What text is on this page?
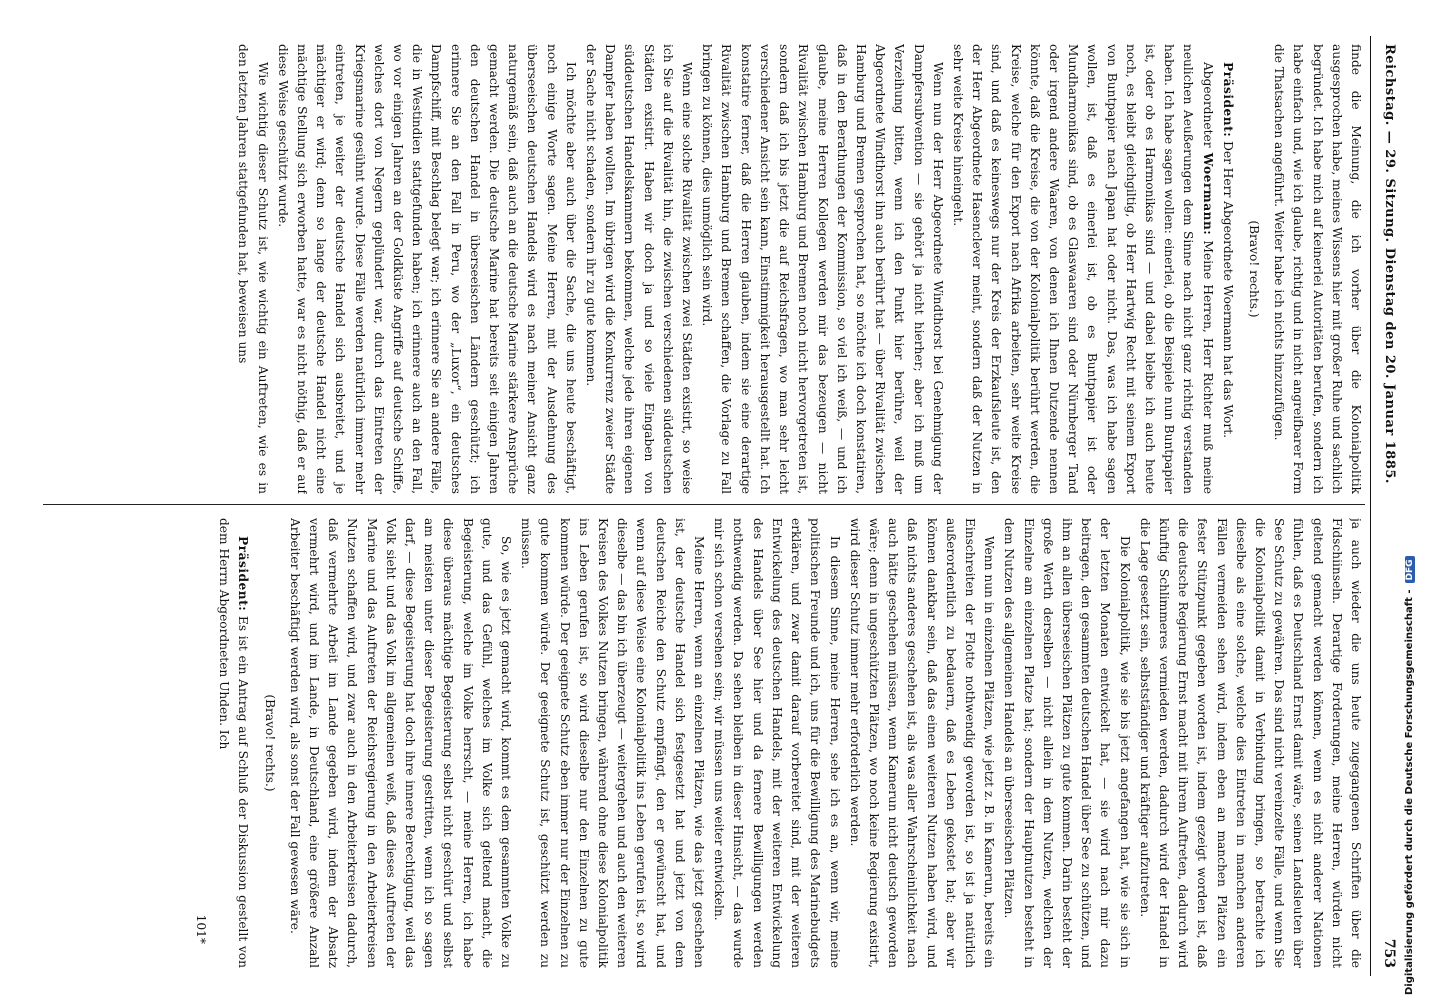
Reichstag. — 29. Sitzung. Dienstag den 20. Januar 1885.
753

finde die Meinung, die ich vorher über die Kolonialpolitik ausgesprochen habe, meines Wissens hier mit großer Ruhe und sachlich begründet. Ich habe mich auf keinerlei Autoritäten berufen, sondern ich habe einfach und, wie ich glaube, richtig und in nicht angreifbarer Form die Thatsachen angeführt. Weiter habe ich nichts hinzuzufügen.

(Bravo! rechts.)

Präsident: Der Herr Abgeordnete Woermann hat das Wort.

Abgeordneter Woermann: Meine Herren, Herr Richter muß meine neulichen Aeußerungen dem Sinne nach nicht ganz richtig verstanden haben. Ich habe sagen wollen: einerlei, ob die Beispiele nun Buntpapier ist, oder ob es Harmonikas sind — und dabei bleibe ich auch heute noch, es bleibt gleichgiltig, ob Herr Hartwig Recht mit seinem Export von Buntpapier nach Japan hat oder nicht. Das, was ich habe sagen wollen, ist, daß es einerlei ist, ob es Buntpapier ist oder Mundharmonikas sind, ob es Glaswaaren sind oder Nürnberger Tand oder irgend andere Waaren, von denen ich Ihnen Dutzende nennen könnte, daß die Kreise, die von der Kolonialpolitik berührt werden, die Kreise, welche für den Export nach Afrika arbeiten, sehr weite Kreise sind, und daß es keineswegs nur der Kreis der Erzkaufsleute ist, den der Herr Abgeordnete Hasenclever meint, sondern daß der Nutzen in sehr weite Kreise hineingeht.

Wenn nun der Herr Abgeordnete Windthorst bei Genehmigung der Dampfersubvention — sie gehört ja nicht hierher; aber ich muß um Verzeihung bitten, wenn ich den Punkt hier berühre, weil der Abgeordnete Windthorst ihn auch berührt hat — über Rivalität zwischen Hamburg und Bremen gesprochen hat, so möchte ich doch konstatiren, daß in den Berathungen der Kommission, so viel ich weiß, — und ich glaube, meine Herren Kollegen werden mir das bezeugen — nicht Rivalität zwischen Hamburg und Bremen noch nicht hervorgetreten ist, sondern daß ich bis jetzt die auf Reichsfragen, wo man sehr leicht verschiedener Ansicht sein kann, Einstimmigkeit herausgestellt hat. Ich konstatire ferner, daß die Herren glauben, indem sie eine derartige Rivalität zwischen Hamburg und Bremen schaffen, die Vorlage zu Fall bringen zu können, dies unmöglich sein wird.

Wenn eine solche Rivalität zwischen zwei Städten existirt, so weise ich Sie auf die Rivalität hin, die zwischen verschiedenen süddeutschen Städten existirt. Haben wir doch ja und so viele Eingaben von süddeutschen Handelskammern bekommen, welche jede ihren eigenen Dampfer haben wollten. Im übrigen wird die Konkurrenz zweier Städte der Sache nicht schaden, sondern ihr zu gute kommen.

Ich möchte aber auch über die Sache, die uns heute beschäftigt, noch einige Worte sagen. Meine Herren, mit der Ausdehnung des überseeischen deutschen Handels wird es nach meiner Ansicht ganz naturgemäß sein, daß auch an die deutsche Marine stärkere Ansprüche gemacht werden. Die deutsche Marine hat bereits seit einigen Jahren den deutschen Handel in überseeischen Ländern geschützt; ich erinnere Sie an den Fall in Peru, wo der „Luxor“, ein deutsches Dampfschiff, mit Beschlag belegt war; ich erinnere Sie an andere Fälle, die in Westindien stattgefunden haben; ich erinnere auch an den Fall, wo vor einigen Jahren an der Goldküste Angriffe auf deutsche Schiffe, welches dort von Negern geplündert war, durch das Eintreten der Kriegsmarine gesühnt wurde. Diese Fälle werden natürlich immer mehr eintreten, je weiter der deutsche Handel sich ausbreitet, und je mächtiger er wird; denn so lange der deutsche Handel nicht eine mächtige Stellung sich erworben hatte, war es nicht nöthig, daß er auf diese Weise geschützt wurde.

Wie wichtig dieser Schutz ist, wie wichtig ein Auftreten, wie es in den letzten Jahren stattgefunden hat, beweisen uns

ja auch wieder die uns heute zugegangenen Schriften über die Fidschiinseln. Derartige Forderungen, meine Herren, würden nicht geltend gemacht werden können, wenn es nicht anderer Nationen fühlen, daß es Deutschland Ernst damit wäre, seinen Landsleuten über See Schutz zu gewähren. Das sind nicht vereinzelte Fälle, und wenn Sie die Kolonialpolitik damit in Verbindung bringen, so betrachte ich dieselbe als eine solche, welche dies Eintreten in manchen anderen Fällen vermeiden sehen wird, indem eben an manchen Plätzen ein fester Stützpunkt gegeben worden ist, indem gezeigt worden ist, daß die deutsche Regierung Ernst macht mit ihrem Auftreten, dadurch wird künftig Schlimmeres vermieden werden, dadurch wird der Handel in die Lage gesetzt sein, selbstständiger und kräftiger aufzutreten.

Die Kolonialpolitik, wie sie bis jetzt angefangen hat, wie sie sich in der letzten Monaten entwickelt hat, — sie wird nach mir dazu beitragen, den gesammten deutschen Handel über See zu schützen, und ihm an allen überseeischen Plätzen zu gute kommen. Darin besteht der große Werth derselben — nicht allein in dem Nutzen, welchen der Einzelne am einzelnen Platze hat; sondern der Hauptnutzen besteht in dem Nutzen des allgemeinen Handels an überseeischen Plätzen.

Wenn nun in einzelnen Plätzen, wie jetzt z. B. in Kamerun, bereits ein Einschreiten der Flotte nothwendig geworden ist, so ist ja natürlich außerordentlich zu bedauern, daß es Leben gekostet hat; aber wir können dankbar sein, daß das einen weiteren Nutzen haben wird, und daß nichts anderes geschehen ist, als was aller Wahrscheinlichkeit nach auch hätte geschehen müssen, wenn Kamerun nicht deutsch geworden wäre; denn in ungeschützten Plätzen, wo noch keine Regierung existirt, wird dieser Schutz immer mehr erforderlich werden.

In diesem Sinne, meine Herren, sehe ich es an, wenn wir, meine politischen Freunde und ich, uns für die Bewilligung des Marinebudgets erklären, und zwar damit darauf vorbereitet sind, mit der weiteren Entwickelung des deutschen Handels, mit der weiteren Entwickelung des Handels über See hier und da fernere Bewilligungen werden nothwendig werden. Da sehen bleiben in dieser Hinsicht, — das wurde mir sich schon versehen sein; wir müssen uns weiter entwickeln.

Meine Herren, wenn an einzelnen Plätzen, wie das jetzt geschehen ist, der deutsche Handel sich festgesetzt hat und jetzt von dem deutschen Reiche den Schutz empfängt, den er gewünscht hat, und wenn auf diese Weise eine Kolonialpolitik ins Leben gerufen ist, so wird dieselbe — das bin ich überzeugt — weitergehen und auch den weiteren Kreisen des Volkes Nutzen bringen, während ohne diese Kolonialpolitik ins Leben gerufen ist, so wird dieselbe nur den Einzelnen zu gute kommen würde. Der geeignete Schutz eben immer nur der Einzelnen zu gute kommen würde. Der geeignete Schutz ist, geschützt werden zu müssen.

So, wie es jetzt gemacht wird, kommt es dem gesammten Volke zu gute, und das Gefühl, welches im Volke sich geltend macht, die Begeisterung, welche im Volke herrscht, — meine Herren, ich habe diese überaus mächtige Begeisterung selbst nicht geschürt und selbst am meisten unter dieser Begeisterung gestritten, wenn ich so sagen darf, — diese Begeisterung hat doch ihre innere Berechtigung, weil das Volk sieht und das Volk im allgemeinen weiß, daß dieses Auftreten der Marine und das Auftreten der Reichsregierung in den Arbeiterkreisen Nutzen schaffen wird, und zwar auch in den Arbeiterkreisen dadurch, daß vermehrte Arbeit im Lande gegeben wird, indem der Absatz vermehrt wird, und im Lande, in Deutschland, eine größere Anzahl Arbeiter beschäftigt werden wird, als sonst der Fall gewesen wäre.

(Bravo! rechts.)

Präsident: Es ist ein Antrag auf Schluß der Diskussion gestellt von dem Herrn Abgeordneten Uhden. Ich

101*	Digitalisierung gefördert durch die Deutsche Forschungsgemeinschaft -DFG
